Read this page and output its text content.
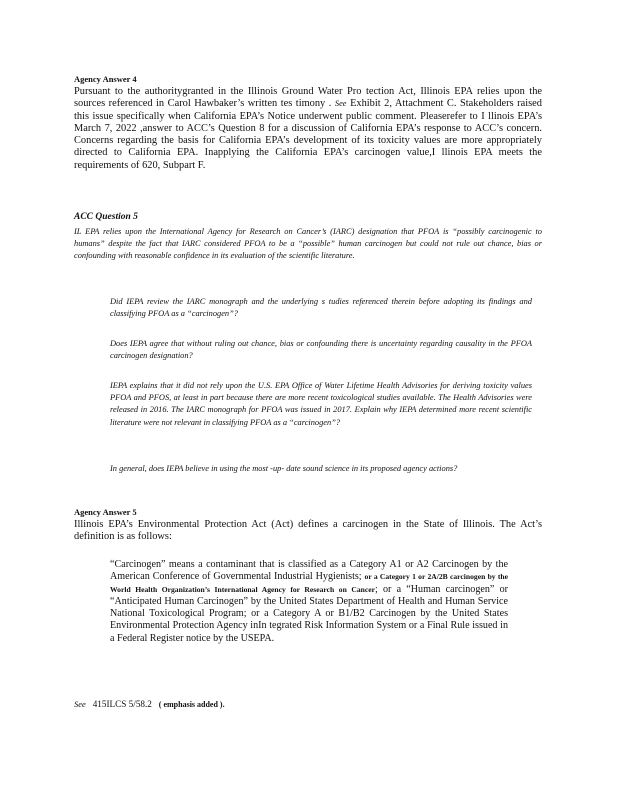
Agency Answer 4

Pursuant to the authoritygranted in the Illinois Ground Water Pro tection Act, Illinois EPA relies upon the sources referenced in Carol Hawbaker’s written tes timony . See Exhibit 2, Attachment C. Stakeholders raised this issue specifically when California EPA’s Notice underwent public comment. Pleaserefer to I llinois EPA’s March 7, 2022 ,answer to ACC’s Question 8 for a discussion of California EPA’s response to ACC’s concern. Concerns regarding the basis for California EPA’s development of its toxicity values are more appropriately directed to California EPA. Inapplying the California EPA’s carcinogen value,I llinois EPA meets the requirements of 620, Subpart F.

ACC Question 5

IL EPA relies upon the International Agency for Research on Cancer’s (IARC) designation that PFOA is “possibly carcinogenic to humans” despite the fact that IARC considered PFOA to be a “possible” human carcinogen but could not rule out chance, bias or confounding with reasonable confidence in its evaluation of the scientific literature.

Did IEPA review the IARC monograph and the underlying s tudies referenced therein before adopting its findings and classifying PFOA as a “carcinogen”?

Does IEPA agree that without ruling out chance, bias or confounding there is uncertainty regarding causality in the PFOA carcinogen designation?

IEPA explains that it did not rely upon the U.S. EPA Office of Water Lifetime Health Advisories for deriving toxicity values PFOA and PFOS, at least in part because there are more recent toxicological studies available. The Health Advisories were released in 2016. The IARC monograph for PFOA was issued in 2017. Explain why IEPA determined more recent scientific literature were not relevant in classifying PFOA as a “carcinogen”?

In general, does IEPA believe in using the most -up- date sound science in its proposed agency actions?

Agency Answer 5

Illinois EPA’s Environmental Protection Act (Act) defines a carcinogen in the State of Illinois. The Act’s definition is as follows:

“Carcinogen” means a contaminant that is classified as a Category A1 or A2 Carcinogen by the American Conference of Governmental Industrial Hygienists; or a Category 1 or 2A/2B carcinogen by the World Health Organization’s International Agency for Research on Cancer; or a “Human carcinogen” or “Anticipated Human Carcinogen” by the United States Department of Health and Human Service National Toxicological Program; or a Category A or B1/B2 Carcinogen by the United States Environmental Protection Agency inIn tegrated Risk Information System or a Final Rule issued in a Federal Register notice by the USEPA.

See 415ILCS 5/58.2 ( emphasis added ).
